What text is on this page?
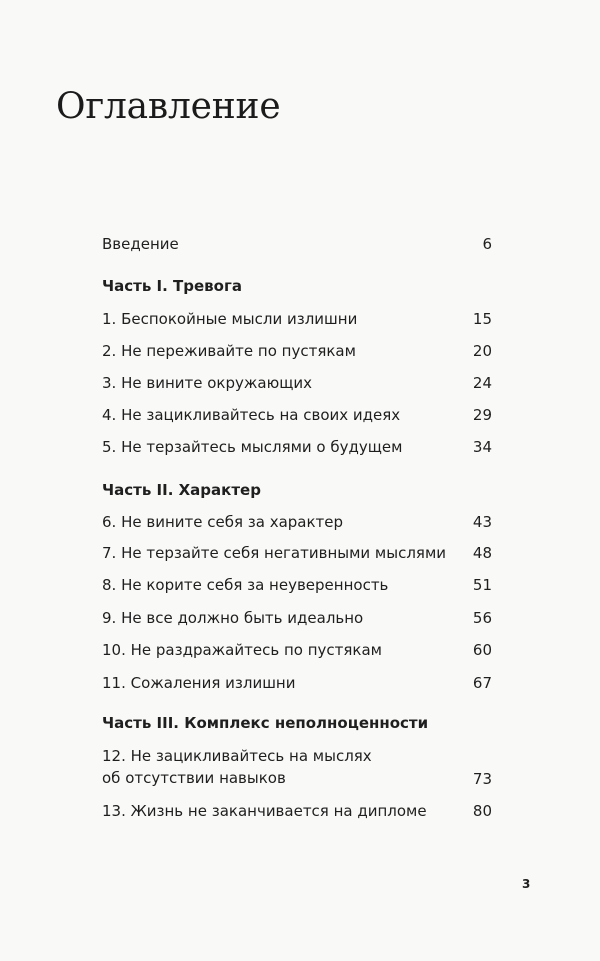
Оглавление
Введение	6
Часть I. Тревога
1. Беспокойные мысли излишни	15
2. Не переживайте по пустякам	20
3. Не вините окружающих	24
4. Не зацикливайтесь на своих идеях	29
5. Не терзайтесь мыслями о будущем	34
Часть II. Характер
6. Не вините себя за характер	43
7. Не терзайте себя негативными мыслями	48
8. Не корите себя за неуверенность	51
9. Не все должно быть идеально	56
10. Не раздражайтесь по пустякам	60
11. Сожаления излишни	67
Часть III. Комплекс неполноценности
12. Не зацикливайтесь на мыслях
об отсутствии навыков	73
13. Жизнь не заканчивается на дипломе	80
3
